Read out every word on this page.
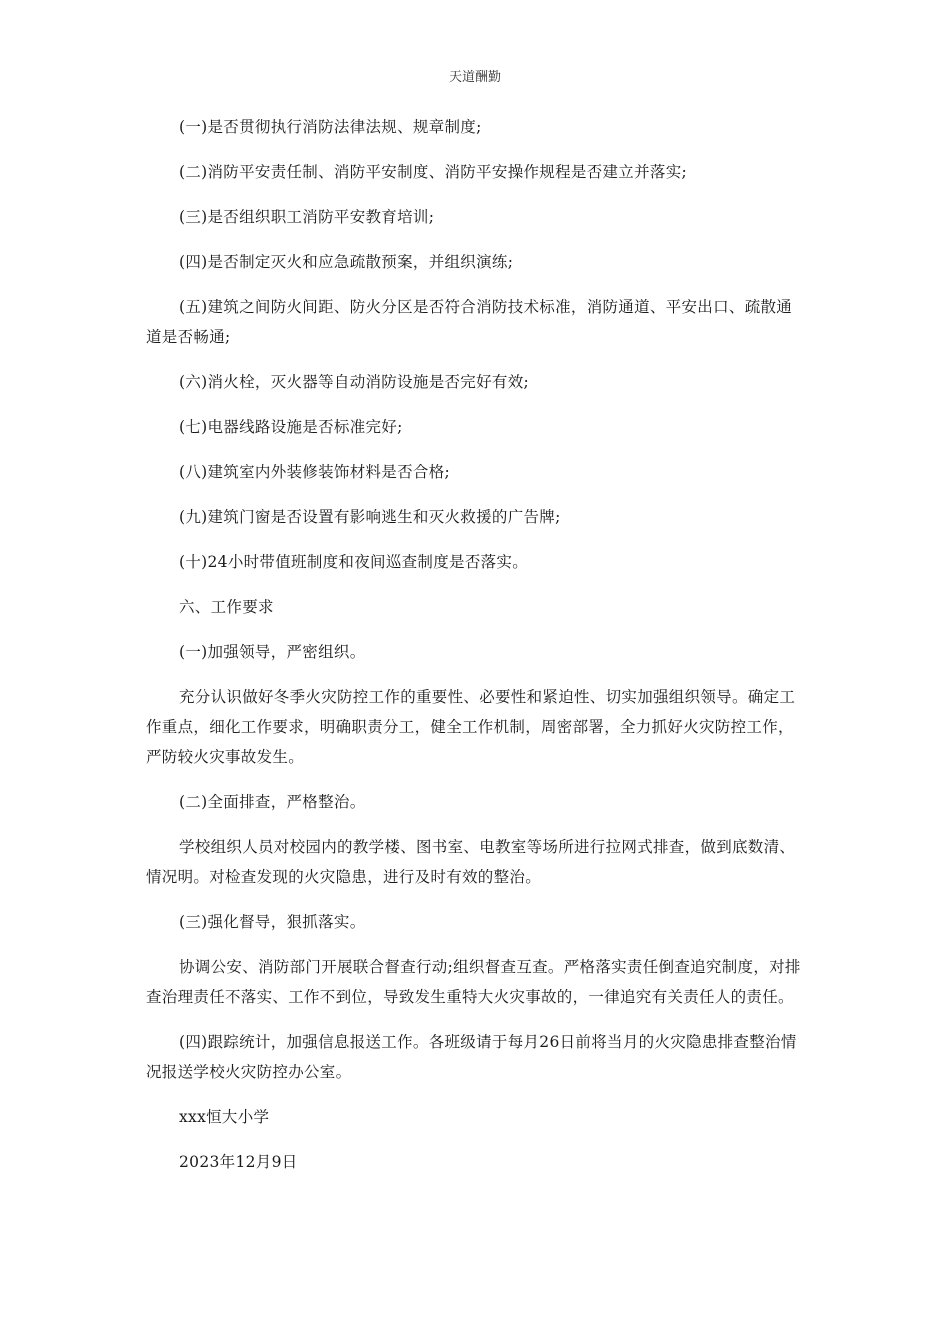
天道酬勤

(一)是否贯彻执行消防法律法规、规章制度;

(二)消防平安责任制、消防平安制度、消防平安操作规程是否建立并落实;

(三)是否组织职工消防平安教育培训;

(四)是否制定灭火和应急疏散预案，并组织演练;

(五)建筑之间防火间距、防火分区是否符合消防技术标准，消防通道、平安出口、疏散通道是否畅通;

(六)消火栓，灭火器等自动消防设施是否完好有效;

(七)电器线路设施是否标准完好;

(八)建筑室内外装修装饰材料是否合格;

(九)建筑门窗是否设置有影响逃生和灭火救援的广告牌;

(十)24小时带值班制度和夜间巡查制度是否落实。

六、工作要求

(一)加强领导，严密组织。

充分认识做好冬季火灾防控工作的重要性、必要性和紧迫性、切实加强组织领导。确定工作重点，细化工作要求，明确职责分工，健全工作机制，周密部署，全力抓好火灾防控工作，严防较火灾事故发生。

(二)全面排查，严格整治。

学校组织人员对校园内的教学楼、图书室、电教室等场所进行拉网式排查，做到底数清、情况明。对检查发现的火灾隐患，进行及时有效的整治。

(三)强化督导，狠抓落实。

协调公安、消防部门开展联合督查行动;组织督查互查。严格落实责任倒查追究制度，对排查治理责任不落实、工作不到位，导致发生重特大火灾事故的，一律追究有关责任人的责任。

(四)跟踪统计，加强信息报送工作。各班级请于每月26日前将当月的火灾隐患排查整治情况报送学校火灾防控办公室。

xxx恒大小学

2023年12月9日
